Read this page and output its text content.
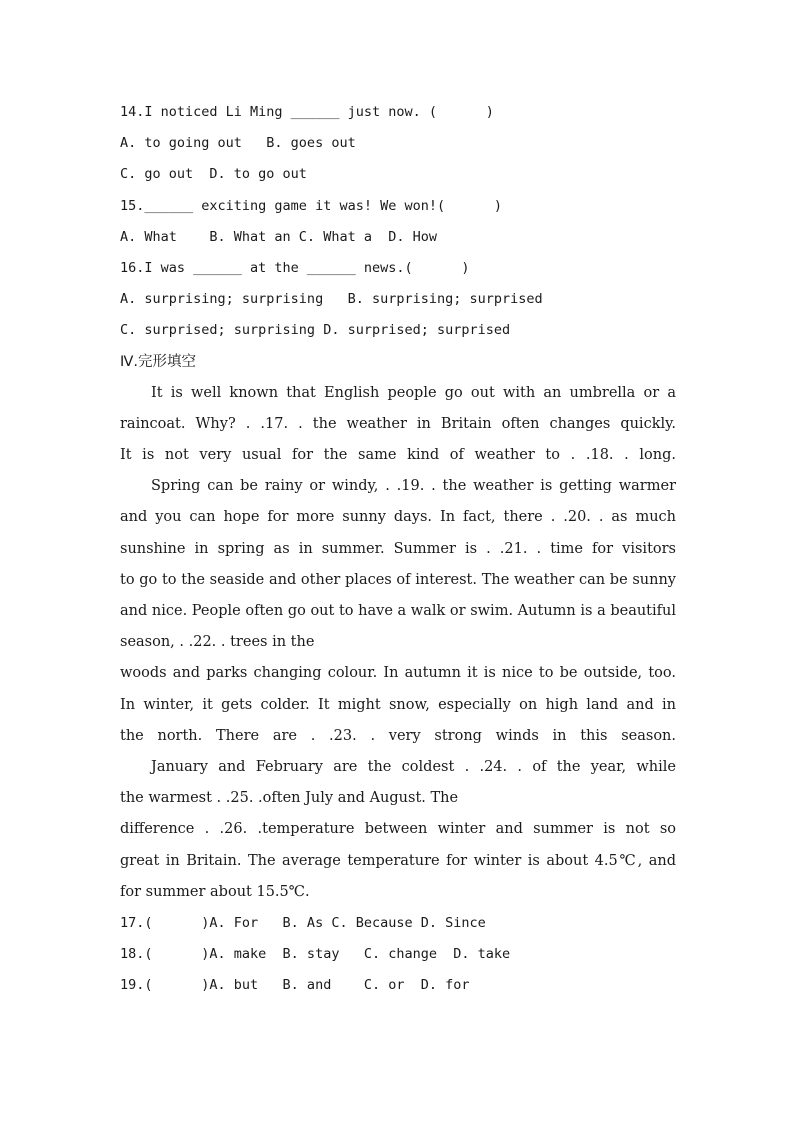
14.I noticed Li Ming ______ just now. (      )
A. to going out   B. goes out
C. go out  D. to go out
15.______ exciting game it was! We won!(      )
A. What    B. What an C. What a  D. How
16.I was ______ at the ______ news.(      )
A. surprising; surprising   B. surprising; surprised
C. surprised; surprising D. surprised; surprised
Ⅳ.完形填空
It is well known that English people go out with an umbrella or a
raincoat. Why? . .17. . the weather in Britain often changes quickly.
It is not very usual for the same kind of weather to . .18. . long.
Spring can be rainy or windy, . .19. . the weather is getting warmer
and you can hope for more sunny days. In fact, there . .20. . as much
sunshine in spring as in summer. Summer is . .21. . time for visitors
to go to the seaside and other places of interest. The weather can be sunny
and nice. People often go out to have a walk or swim. Autumn is a beautiful
season, . .22. . trees in the
woods and parks changing colour. In autumn it is nice to be outside, too.
In winter, it gets colder. It might snow, especially on high land and in
the north. There are . .23. . very strong winds in this season.
January and February are the coldest . .24. . of the year, while
the warmest . .25. .often July and August. The
difference . .26. .temperature between winter and summer is not so
great in Britain. The average temperature for winter is about 4.5℃, and
for summer about 15.5℃.
17.(      )A. For   B. As C. Because D. Since
18.(      )A. make  B. stay   C. change  D. take
19.(      )A. but   B. and    C. or  D. for
